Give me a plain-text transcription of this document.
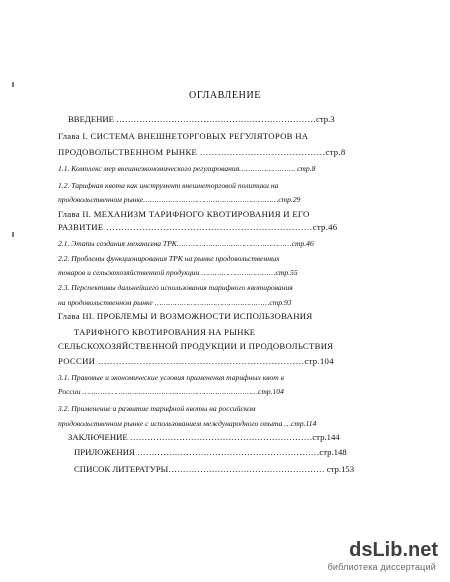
ОГЛАВЛЕНИЕ
ВВЕДЕНИЕ ……………………………………………………………стр.3
Глава I. СИСТЕМА ВНЕШНЕТОРГОВЫХ РЕГУЛЯТОРОВ НА
ПРОДОВОЛЬСТВЕННОМ РЫНКЕ ……………………………………стр.8
1.1. Комплекс мер внешнеэкономического регулирования……………………. стр.8
1.2. Тарифная квота как инструмент внешнеторговой политики на
продовольственном рынке……………………………………………………стр.29
Глава II. МЕХАНИЗМ ТАРИФНОГО КВОТИРОВАНИЯ И ЕГО
РАЗВИТИЕ ……………………………………………………………стр.46
2.1. Этапы создания механизма ТРК……………………………………………стр.46
2.2. Проблемы функционирования ТРК на рынке продовольственных
товаров и сельскохозяйственной продукции ……………………………стр.55
2.3. Перспективы дальнейшего использования тарифного квотирования
на продовольственном рынке ……………………………………………стр.93
Глава III. ПРОБЛЕМЫ И ВОЗМОЖНОСТИ ИСПОЛЬЗОВАНИЯ
ТАРИФНОГО КВОТИРОВАНИЯ НА РЫНКЕ
СЕЛЬСКОХОЗЯЙСТВЕННОЙ ПРОДУКЦИИ И ПРОДОВОЛЬСТВИЯ
РОССИИ ……………………………………………………………стр.104
3.1. Правовые и экономические условия применения тарифных квот в
России ……………………………………………………………………стр.104
3.2. Применение и развитие тарифной квоты на российском
продовольственном рынке с использованием международного опыта …стр.114
ЗАКЛЮЧЕНИЕ ………………………………………………………стр.144
ПРИЛОЖЕНИЯ ………………………………………………………стр.148
СПИСОК ЛИТЕРАТУРЫ……………………………………………… стр.153
dsLib.net
библиотека диссертаций
